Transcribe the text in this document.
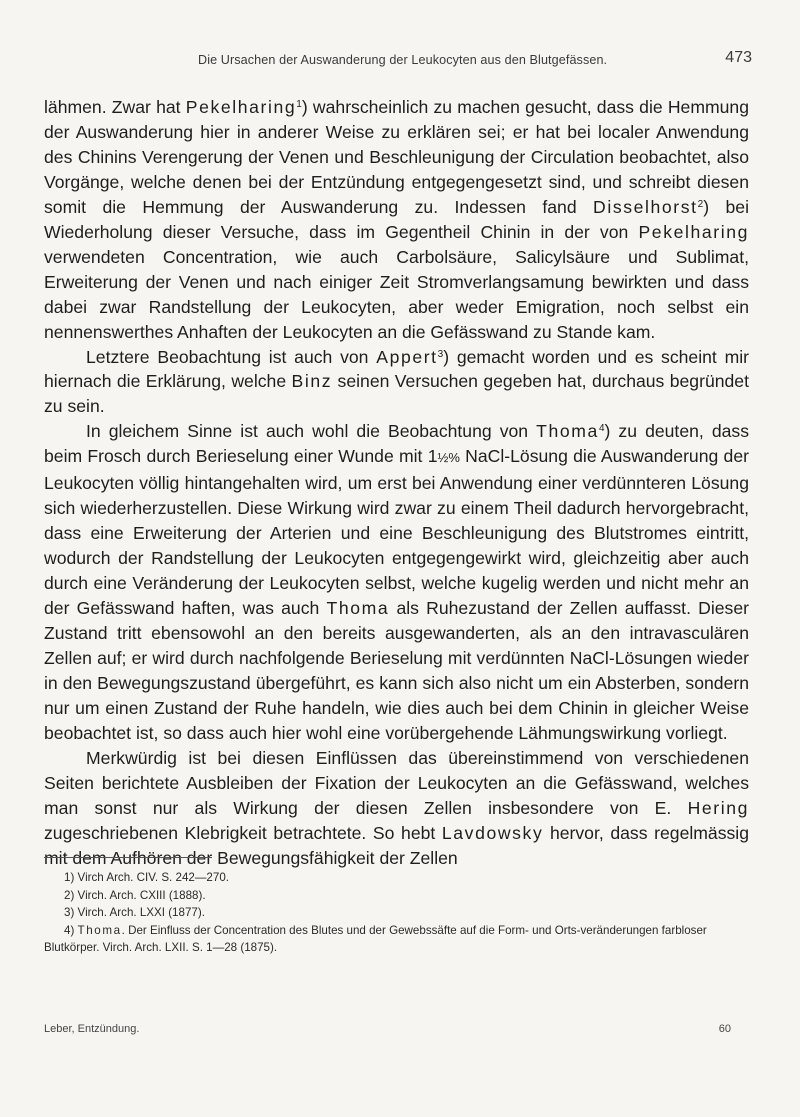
Die Ursachen der Auswanderung der Leukocyten aus den Blutgefässen.	473

lähmen. Zwar hat Pekelharing$^1$) wahrscheinlich zu machen gesucht, dass die Hemmung der Auswanderung hier in anderer Weise zu erklären sei; er hat bei localer Anwendung des Chinins Verengerung der Venen und Beschleunigung der Circulation beobachtet, also Vorgänge, welche denen bei der Entzündung entgegengesetzt sind, und schreibt diesen somit die Hemmung der Auswanderung zu. Indessen fand Disselhorst$^2$) bei Wiederholung dieser Versuche, dass im Gegentheil Chinin in der von Pekelharing verwendeten Concentration, wie auch Carbolsäure, Salicylsäure und Sublimat, Erweiterung der Venen und nach einiger Zeit Stromverlangsamung bewirkten und dass dabei zwar Randstellung der Leukocyten, aber weder Emigration, noch selbst ein nennenswerthes Anhaften der Leukocyten an die Gefässwand zu Stande kam.

Letztere Beobachtung ist auch von Appert$^3$) gemacht worden und es scheint mir hiernach die Erklärung, welche Binz seinen Versuchen gegeben hat, durchaus begründet zu sein.

In gleichem Sinne ist auch wohl die Beobachtung von Thoma$^4$) zu deuten, dass beim Frosch durch Berieselung einer Wunde mit 1½% NaCl-Lösung die Auswanderung der Leukocyten völlig hintangehalten wird, um erst bei Anwendung einer verdünnteren Lösung sich wiederherzustellen. Diese Wirkung wird zwar zu einem Theil dadurch hervorgebracht, dass eine Erweiterung der Arterien und eine Beschleunigung des Blutstromes eintritt, wodurch der Randstellung der Leukocyten entgegengewirkt wird, gleichzeitig aber auch durch eine Veränderung der Leukocyten selbst, welche kugelig werden und nicht mehr an der Gefässwand haften, was auch Thoma als Ruhezustand der Zellen auffasst. Dieser Zustand tritt ebensowohl an den bereits ausgewanderten, als an den intravasculären Zellen auf; er wird durch nachfolgende Berieselung mit verdünnten NaCl-Lösungen wieder in den Bewegungszustand übergeführt, es kann sich also nicht um ein Absterben, sondern nur um einen Zustand der Ruhe handeln, wie dies auch bei dem Chinin in gleicher Weise beobachtet ist, so dass auch hier wohl eine vorübergehende Lähmungswirkung vorliegt.

Merkwürdig ist bei diesen Einflüssen das übereinstimmend von verschiedenen Seiten berichtete Ausbleiben der Fixation der Leukocyten an die Gefässwand, welches man sonst nur als Wirkung der diesen Zellen insbesondere von E. Hering zugeschriebenen Klebrigkeit betrachtete. So hebt Lavdowsky hervor, dass regelmässig mit dem Aufhören der Bewegungsfähigkeit der Zellen

1) Virch Arch. CIV. S. 242—270.

2) Virch. Arch. CXIII (1888).

3) Virch. Arch. LXXI (1877).

4) Thoma. Der Einfluss der Concentration des Blutes und der Gewebssäfte auf die Form- und Orts-veränderungen farbloser Blutkörper. Virch. Arch. LXII. S. 1—28 (1875).

Leber, Entzündung.	60
